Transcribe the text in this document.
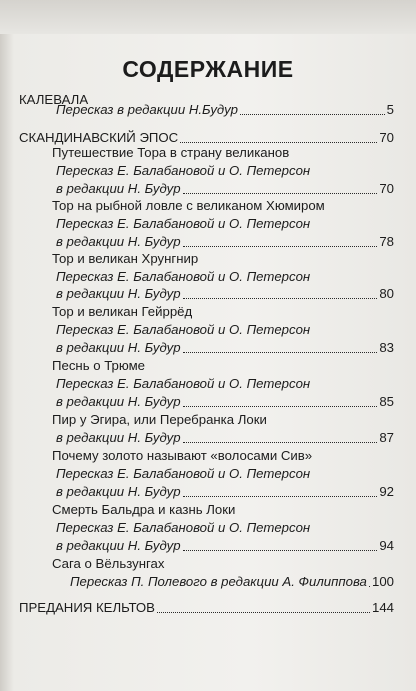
СОДЕРЖАНИЕ
КАЛЕВАЛА
Пересказ в редакции Н.Будур	5
СКАНДИНАВСКИЙ ЭПОС	70
Путешествие Тора в страну великанов
Пересказ Е. Балабановой и О. Петерсон
в редакции Н. Будур	70
Тор на рыбной ловле с великаном Хюмиром
Пересказ Е. Балабановой и О. Петерсон
в редакции Н. Будур	78
Тор и великан Хрунгнир
Пересказ Е. Балабановой и О. Петерсон
в редакции Н. Будур	80
Тор и великан Гейррёд
Пересказ Е. Балабановой и О. Петерсон
в редакции Н. Будур	83
Песнь о Трюме
Пересказ Е. Балабановой и О. Петерсон
в редакции Н. Будур	85
Пир у Эгира, или Перебранка Локи
в редакции Н. Будур	87
Почему золото называют «волосами Сив»
Пересказ Е. Балабановой и О. Петерсон
в редакции Н. Будур	92
Смерть Бальдра и казнь Локи
Пересказ Е. Балабановой и О. Петерсон
в редакции Н. Будур	94
Сага о Вёльзунгах
Пересказ П. Полевого в редакции А. Филиппова 100
ПРЕДАНИЯ КЕЛЬТОВ	144
